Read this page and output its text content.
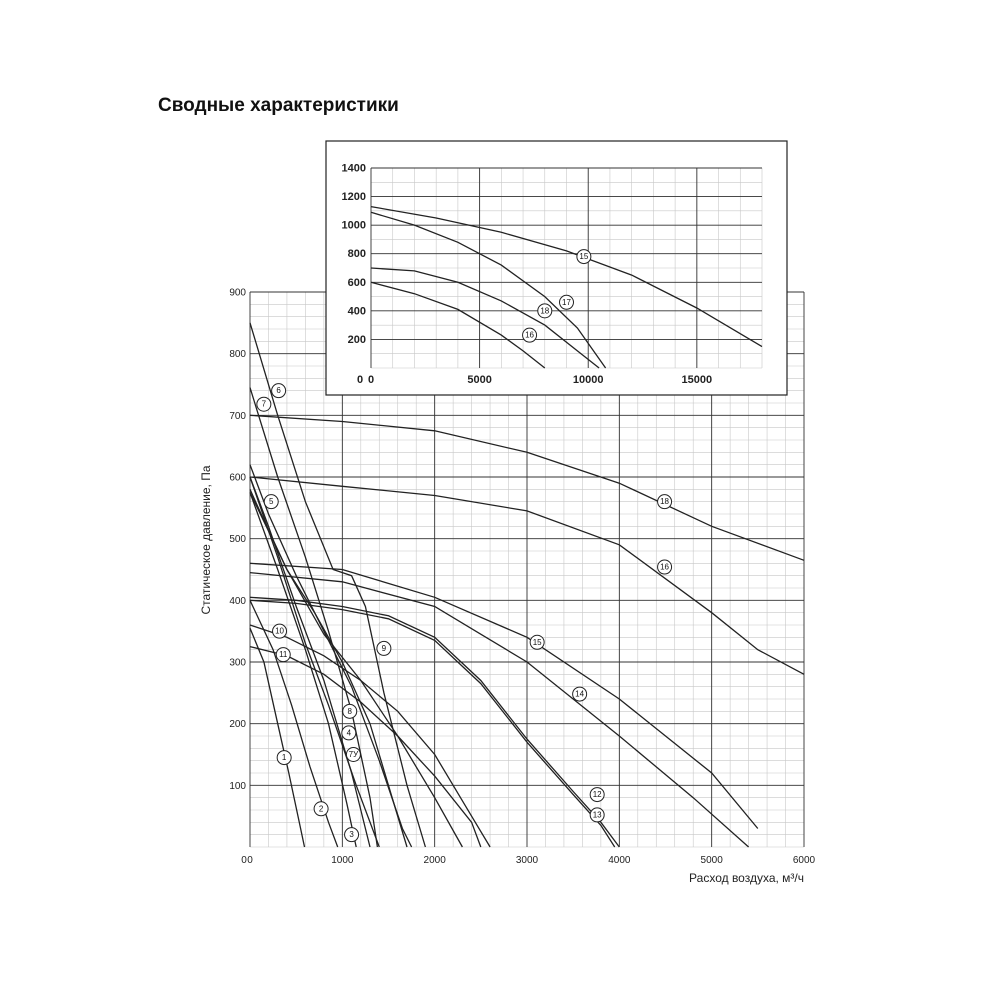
Сводные характеристики
0	1000	2000	3000	4000	5000	6000
100
200
300
400
500
600
700
800
900
0
1
2
3
4
5
6
7
7У
8
9
10
11
12
13
14
15
16
18
Расход воздуха, м³/ч
Статическое давление, Па
0	5000	10000	15000
200
400
600
800
1000
1200
1400
0
16
18
17
15
